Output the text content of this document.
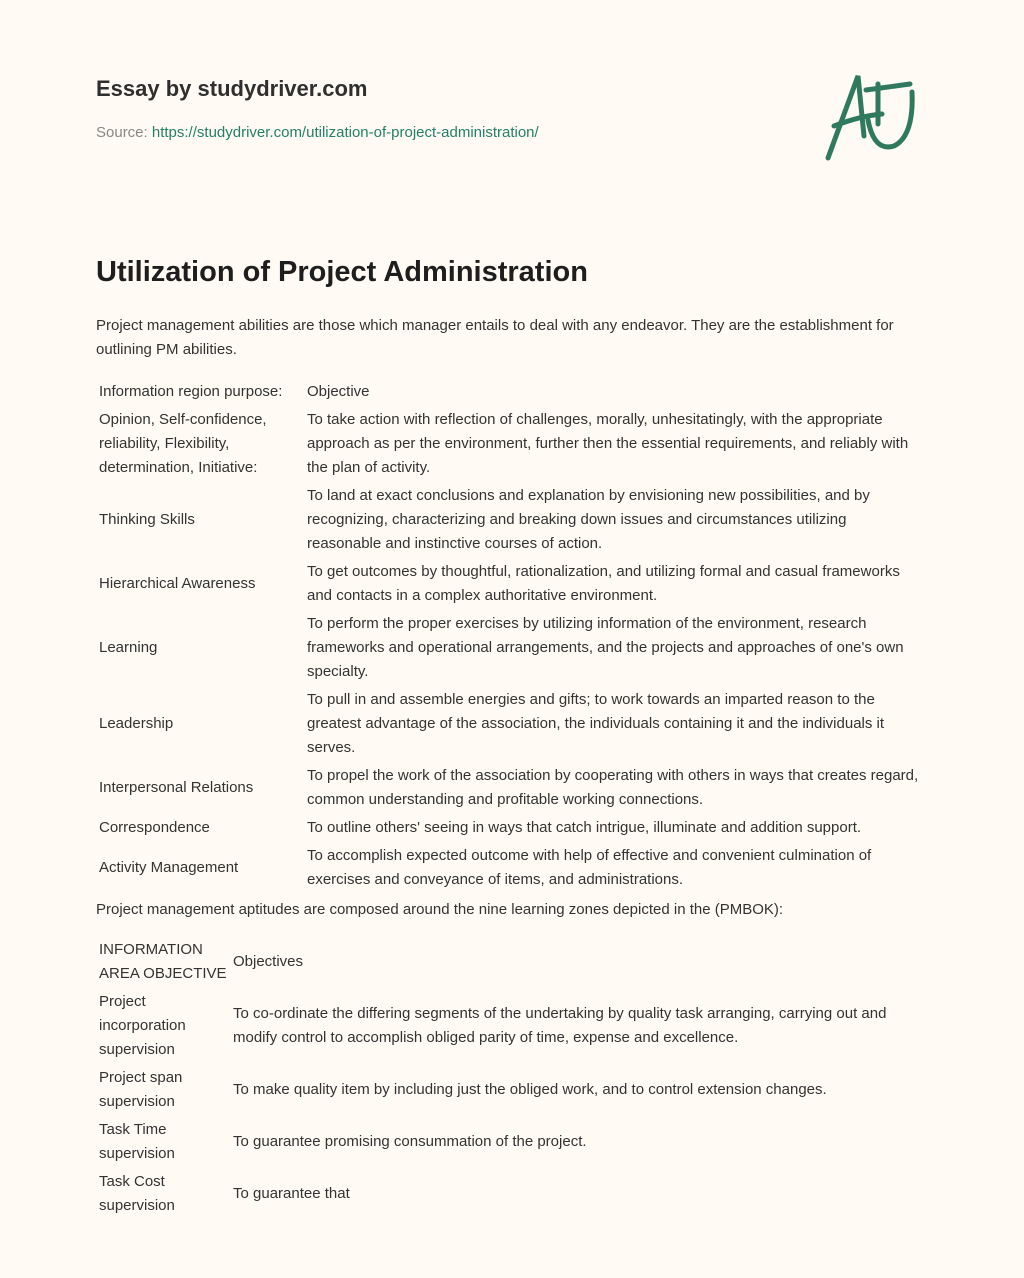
Essay by studydriver.com
Source: https://studydriver.com/utilization-of-project-administration/
Utilization of Project Administration

Project management abilities are those which manager entails to deal with any endeavor. They are the establishment for outlining PM abilities.

Information region purpose:	Objective
Opinion, Self-confidence, reliability, Flexibility, determination, Initiative:	To take action with reflection of challenges, morally, unhesitatingly, with the appropriate approach as per the environment, further then the essential requirements, and reliably with the plan of activity.
Thinking Skills	To land at exact conclusions and explanation by envisioning new possibilities, and by recognizing, characterizing and breaking down issues and circumstances utilizing reasonable and instinctive courses of action.
Hierarchical Awareness	To get outcomes by thoughtful, rationalization, and utilizing formal and casual frameworks and contacts in a complex authoritative environment.
Learning	To perform the proper exercises by utilizing information of the environment, research frameworks and operational arrangements, and the projects and approaches of one's own specialty.
Leadership	To pull in and assemble energies and gifts; to work towards an imparted reason to the greatest advantage of the association, the individuals containing it and the individuals it serves.
Interpersonal Relations	To propel the work of the association by cooperating with others in ways that creates regard, common understanding and profitable working connections.
Correspondence	To outline others' seeing in ways that catch intrigue, illuminate and addition support.
Activity Management	To accomplish expected outcome with help of effective and convenient culmination of exercises and conveyance of items, and administrations.

Project management aptitudes are composed around the nine learning zones depicted in the (PMBOK):

INFORMATION AREA OBJECTIVE	Objectives
Project incorporation supervision	To co-ordinate the differing segments of the undertaking by quality task arranging, carrying out and modify control to accomplish obliged parity of time, expense and excellence.
Project span supervision	To make quality item by including just the obliged work, and to control extension changes.
Task Time supervision	To guarantee promising consummation of the project.
Task Cost supervision	To guarantee that
